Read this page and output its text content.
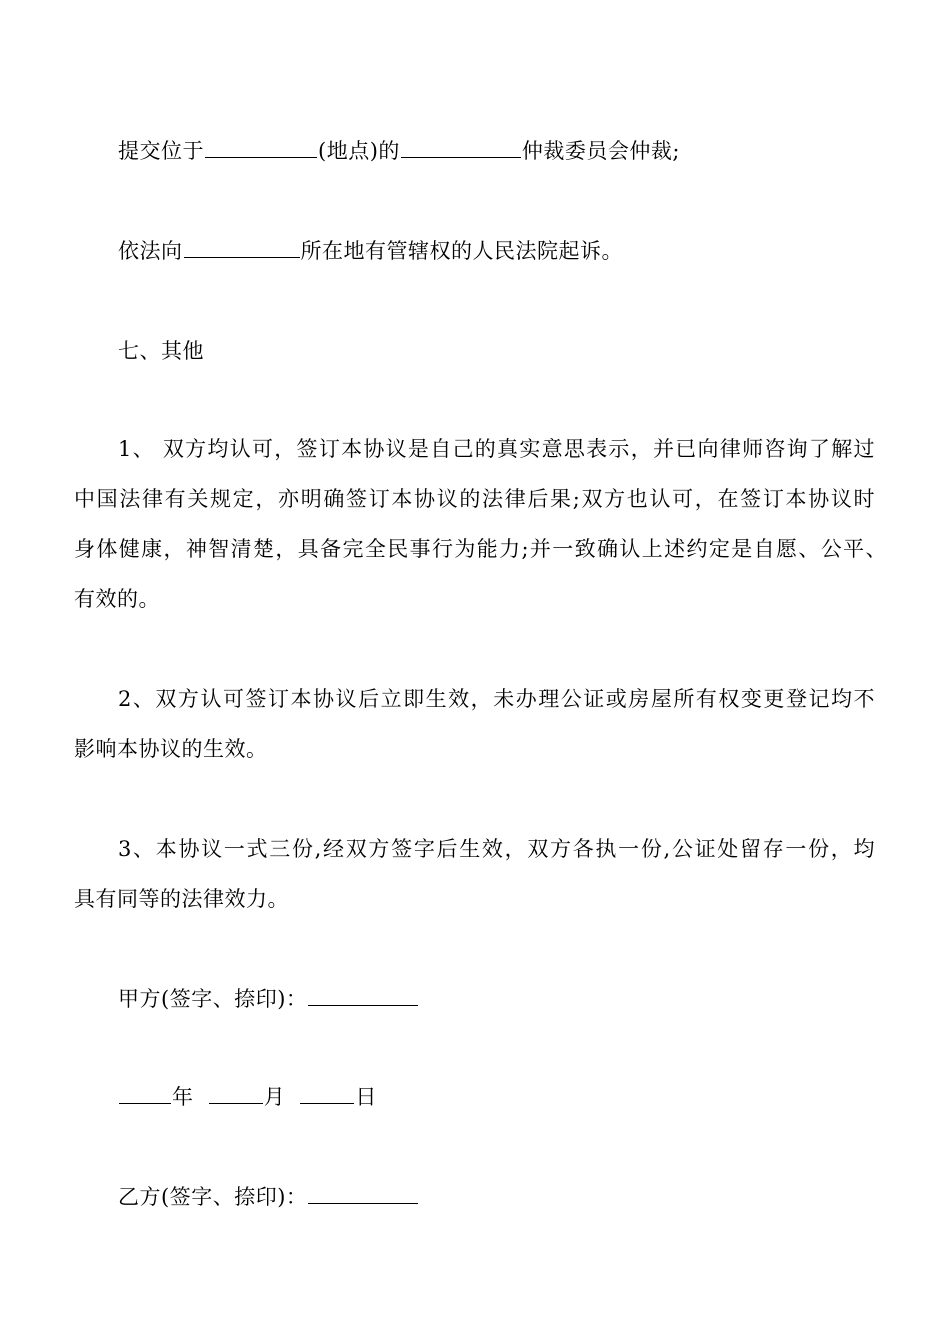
提交位于	(地点)的	仲裁委员会仲裁;
依法向	所在地有管辖权的人民法院起诉。
七、其他
1、 双方均认可，签订本协议是自己的真实意思表示，并已向律师咨询了解过
中国法律有关规定，亦明确签订本协议的法律后果;双方也认可，在签订本协议时
身体健康，神智清楚，具备完全民事行为能力;并一致确认上述约定是自愿、公平、
有效的。
2、双方认可签订本协议后立即生效，未办理公证或房屋所有权变更登记均不
影响本协议的生效。
3、本协议一式三份,经双方签字后生效，双方各执一份,公证处留存一份，均
具有同等的法律效力。
甲方(签字、捺印)：
年	月	日
乙方(签字、捺印)：
